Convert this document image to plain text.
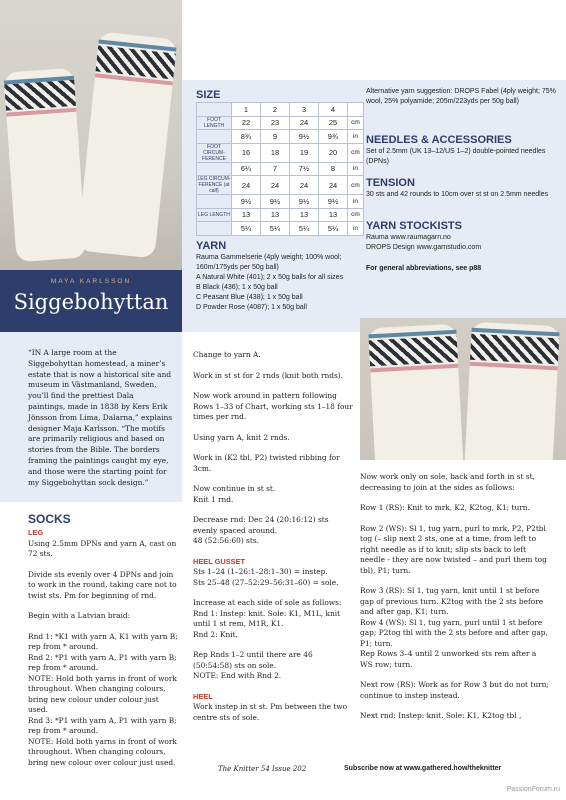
MAYA KARLSSON
Siggebohyttan
SIZE
	1	2	3	4	
FOOT LENGTH	22	23	24	25	cm
	8¾	9	9½	9¾	in
FOOT CIRCUM-FERENCE	16	18	19	20	cm
	6¼	7	7½	8	in
LEG CIRCUM-FERENCE (at calf)	24	24	24	24	cm
	9½	9½	9½	9½	in
LEG LENGTH	13	13	13	13	cm
	5¼	5¼	5¼	5¼	in
YARN
Rauma Gammelserie (4ply weight; 100% wool; 160m/175yds per 50g ball)
A Natural White (401); 2 x 50g balls for all sizes
B Black (436); 1 x 50g ball
C Peasant Blue (438); 1 x 50g ball
D Powder Rose (4087); 1 x 50g ball
Alternative yarn suggestion: DROPS Fabel (4ply weight; 75% wool, 25% polyamide; 205m/223yds per 50g ball)
NEEDLES & ACCESSORIES
Set of 2.5mm (UK 13–12/US 1–2) double-pointed needles (DPNs)
TENSION
30 sts and 42 rounds to 10cm over st st on 2.5mm needles
YARN STOCKISTS
Rauma www.raumagarn.no
DROPS Design www.garnstudio.com
For general abbreviations, see p88
“IN A large room at the Siggebohyttan homestead, a miner’s estate that is now a historical site and museum in Västmanland, Sweden, you’ll find the prettiest Dala paintings, made in 1838 by Kers Erik Jönsson from Lima, Dalarna,” explains designer Maja Karlsson. “The motifs are primarily religious and based on stories from the Bible. The borders framing the paintings caught my eye, and those were the starting point for my Siggebohyttan sock design.”
SOCKS
LEG

Using 2.5mm DPNs and yarn A, cast on 72 sts.

Divide sts evenly over 4 DPNs and join to work in the round, taking care not to twist sts. Pm for beginning of rnd.

Begin with a Latvian braid:

Rnd 1: *K1 with yarn A, K1 with yarn B; rep from * around.
Rnd 2: *P1 with yarn A, P1 with yarn B; rep from * around.
NOTE: Hold both yarns in front of work throughout. When changing colours, bring new colour under colour just used.
Rnd 3: *P1 with yarn A, P1 with yarn B; rep from * around.
NOTE: Hold both yarns in front of work throughout. When changing colours, bring new colour over colour just used.

Change to yarn A.

Work in st st for 2 rnds (knit both rnds).

Now work around in pattern following Rows 1–33 of Chart, working sts 1–18 four times per rnd.

Using yarn A, knit 2 rnds.

Work in (K2 tbl, P2) twisted ribbing for 3cm.

Now continue in st st.

Knit 1 rnd.

Decrease rnd: Dec 24 (20:16:12) sts evenly spaced around.

48 (52:56:60) sts.

HEEL GUSSET
Sts 1–24 (1–26:1–28:1–30) = instep.

Sts 25–48 (27–52:29–56:31–60) = sole.

Increase at each side of sole as follows:
Rnd 1: Instep: knit. Sole: K1, M1L, knit until 1 st rem, M1R, K1.

Rnd 2: Knit.

Rep Rnds 1–2 until there are 46 (50:54:58) sts on sole.

NOTE: End with Rnd 2.

HEEL
Work instep in st st. Pm between the two centre sts of sole.

Now work only on sole, back and forth in st st, decreasing to join at the sides as follows:

Row 1 (RS): Knit to mrk, K2, K2tog, K1; turn.

Row 2 (WS): Sl 1, tug yarn, purl to mrk, P2, P2tbl tog (– slip next 2 sts, one at a time, from left to right needle as if to knit; slip sts back to left needle - they are now twisted – and purl them tog tbl), P1; turn.

Row 3 (RS): Sl 1, tug yarn, knit until 1 st before gap of previous turn. K2tog with the 2 sts before and after gap, K1; turn.
Row 4 (WS): Sl 1, tug yarn, purl until 1 st before gap; P2tog tbl with the 2 sts before and after gap, P1; turn.

Rep Rows 3–4 until 2 unworked sts rem after a WS row; turn.

Next row (RS): Work as for Row 3 but do not turn; continue to instep instead.

Next rnd: Instep: knit. Sole: K1, K2tog tbl ,

The Knitter 54 Issue 202	Subscribe now at www.gathered.how/theknitter
PassionForum.ru
